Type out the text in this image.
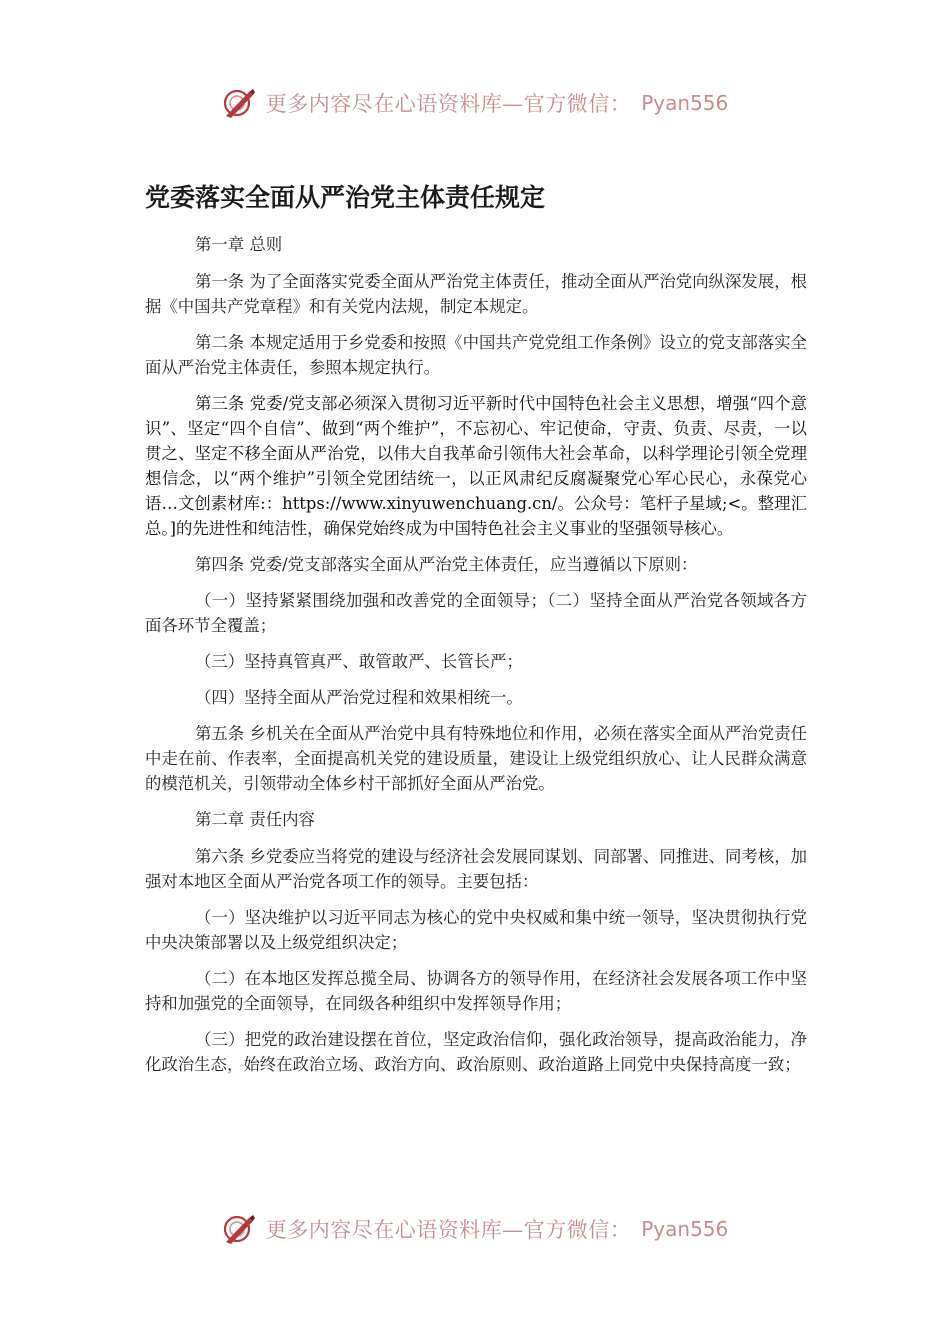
更多内容尽在心语资料库—官方微信： Pyan556
党委落实全面从严治党主体责任规定

第一章 总则

第一条 为了全面落实党委全面从严治党主体责任，推动全面从严治党向纵深发展，根据《中国共产党章程》和有关党内法规，制定本规定。

第二条 本规定适用于乡党委和按照《中国共产党党组工作条例》设立的党支部落实全面从严治党主体责任，参照本规定执行。

第三条 党委/党支部必须深入贯彻习近平新时代中国特色社会主义思想，增强“四个意识”、坚定“四个自信”、做到“两个维护”，不忘初心、牢记使命，守责、负责、尽责，一以贯之、坚定不移全面从严治党，以伟大自我革命引领伟大社会革命，以科学理论引领全党理想信念，以“两个维护”引领全党团结统一，以正风肃纪反腐凝聚党心军心民心，永葆党心语…文创素材库:：https://www.xinyuwenchuang.cn/。公众号：笔杆子星域;<。整理汇总。]的先进性和纯洁性，确保党始终成为中国特色社会主义事业的坚强领导核心。

第四条 党委/党支部落实全面从严治党主体责任，应当遵循以下原则：

（一）坚持紧紧围绕加强和改善党的全面领导；（二）坚持全面从严治党各领域各方面各环节全覆盖；

（三）坚持真管真严、敢管敢严、长管长严；

（四）坚持全面从严治党过程和效果相统一。

第五条 乡机关在全面从严治党中具有特殊地位和作用，必须在落实全面从严治党责任中走在前、作表率，全面提高机关党的建设质量，建设让上级党组织放心、让人民群众满意的模范机关，引领带动全体乡村干部抓好全面从严治党。

第二章 责任内容

第六条 乡党委应当将党的建设与经济社会发展同谋划、同部署、同推进、同考核，加强对本地区全面从严治党各项工作的领导。主要包括：

（一）坚决维护以习近平同志为核心的党中央权威和集中统一领导，坚决贯彻执行党中央决策部署以及上级党组织决定；

（二）在本地区发挥总揽全局、协调各方的领导作用，在经济社会发展各项工作中坚持和加强党的全面领导，在同级各种组织中发挥领导作用；

（三）把党的政治建设摆在首位，坚定政治信仰，强化政治领导，提高政治能力，净化政治生态，始终在政治立场、政治方向、政治原则、政治道路上同党中央保持高度一致；

更多内容尽在心语资料库—官方微信： Pyan556
